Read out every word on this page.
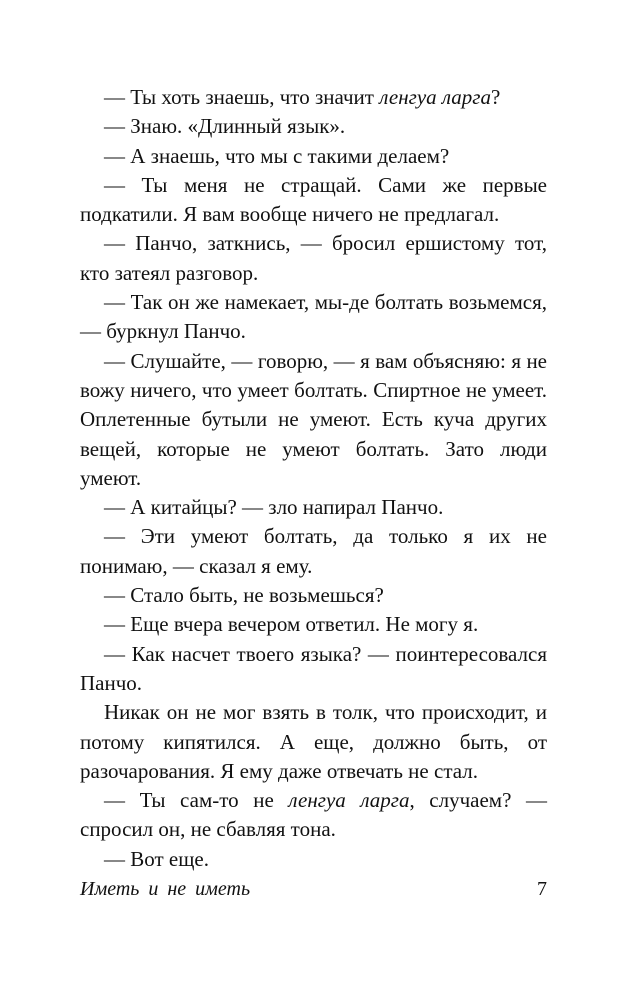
— Ты хоть знаешь, что значит ленгуа ларга?

— Знаю. «Длинный язык».

— А знаешь, что мы с такими делаем?

— Ты меня не стращай. Сами же первые подкатили. Я вам вообще ничего не предлагал.

— Панчо, заткнись, — бросил ершистому тот, кто затеял разговор.

— Так он же намекает, мы-де болтать возьмемся, — буркнул Панчо.

— Слушайте, — говорю, — я вам объясняю: я не вожу ничего, что умеет болтать. Спиртное не умеет. Оплетенные бутыли не умеют. Есть куча других вещей, которые не умеют болтать. Зато люди умеют.

— А китайцы? — зло напирал Панчо.

— Эти умеют болтать, да только я их не понимаю, — сказал я ему.

— Стало быть, не возьмешься?

— Еще вчера вечером ответил. Не могу я.

— Как насчет твоего языка? — поинтересовался Панчо.

Никак он не мог взять в толк, что происходит, и потому кипятился. А еще, должно быть, от разочарования. Я ему даже отвечать не стал.

— Ты сам-то не ленгуа ларга, случаем? — спросил он, не сбавляя тона.

— Вот еще.

Иметь и не иметь	7
